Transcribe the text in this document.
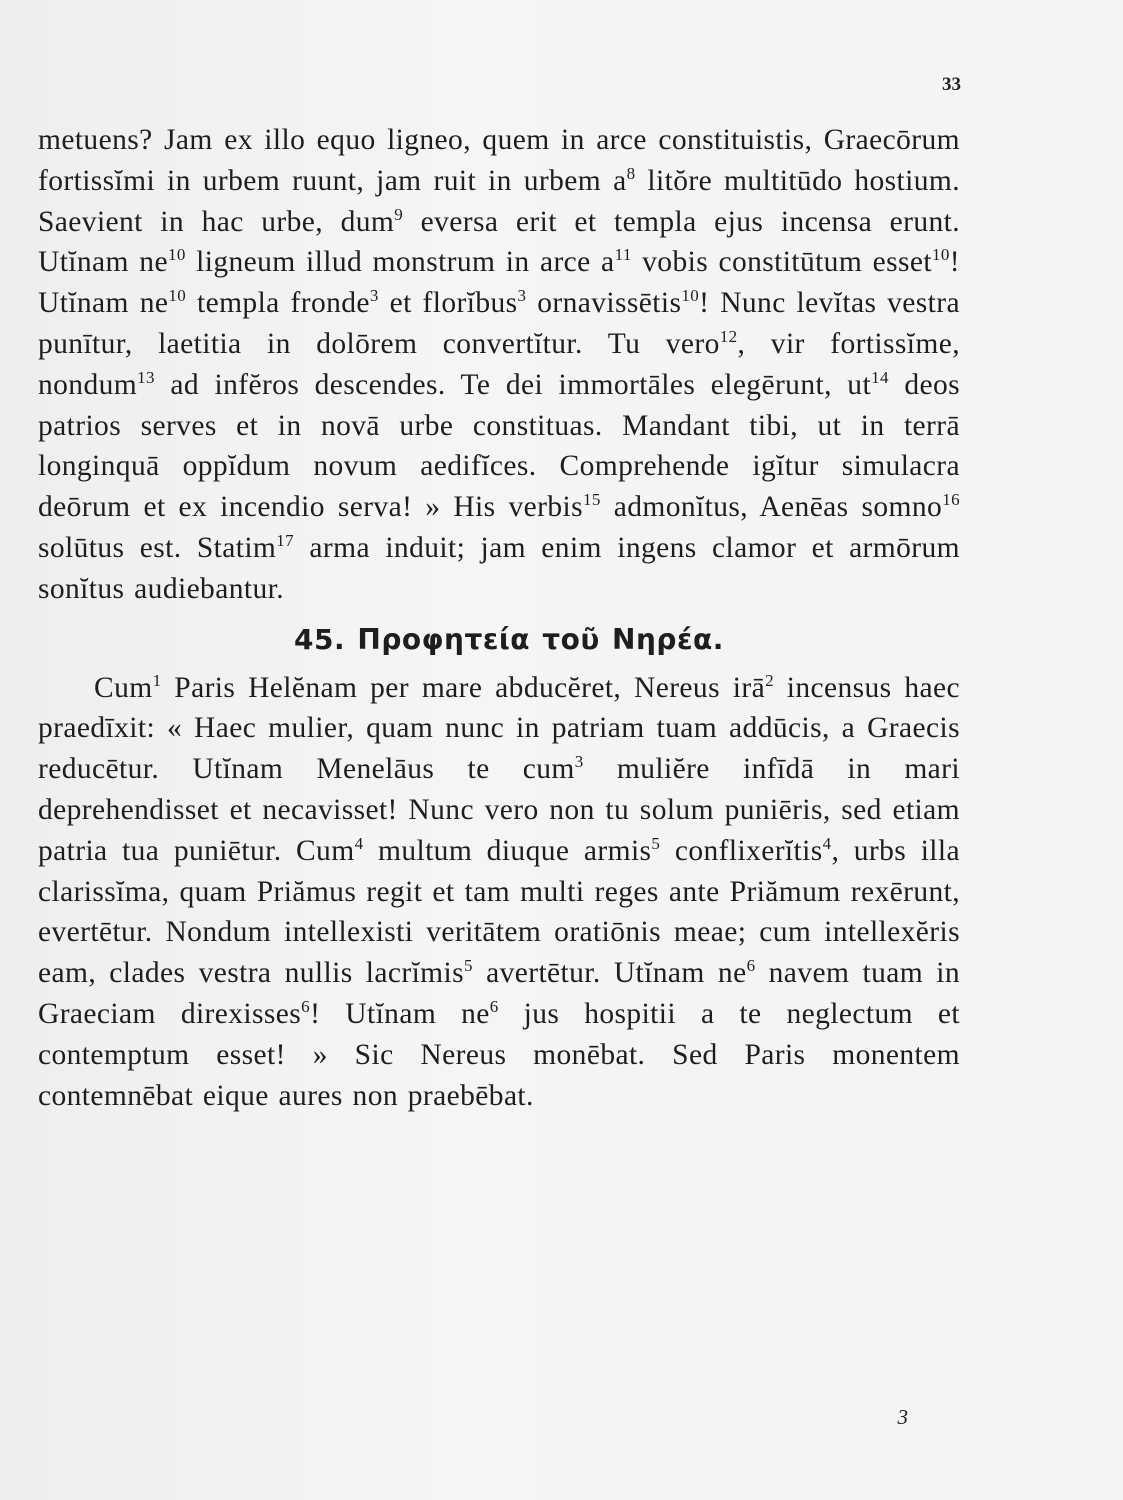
33

metuens? Jam ex illo equo ligneo, quem in arce constituistis, Graecōrum fortissĭmi in urbem ruunt, jam ruit in urbem $a^8$ litŏre multitūdo hostium. Saevient in hac urbe, dum$^9$ eversa erit et templa ejus incensa erunt. Utĭnam $ne^{10}$ ligneum illud monstrum in arce $a^{11}$ vobis constitūtum esset$^{10}$! Utĭnam $ne^{10}$ templa fronde$^3$ et florĭbus$^3$ ornavissētis$^{10}$! Nunc levĭtas vestra punītur, laetitia in dolōrem convertĭtur. Tu vero$^{12}$, vir fortissĭme, nondum$^{13}$ ad infĕros descendes. Te dei immortāles elegērunt, $ut^{14}$ deos patrios serves et in novā urbe constituas. Mandant tibi, ut in terrā longinquā oppĭdum novum aedifĭces. Comprehende igĭtur simulacra deōrum et ex incendio serva! » His verbis$^{15}$ admonĭtus, Aenēas somno$^{16}$ solūtus est. Statim$^{17}$ arma induit; jam enim ingens clamor et armōrum sonĭtus audiebantur.

45. Προφητεία τοῦ Νηρέα.

Cum$^1$ Paris Helĕnam per mare abducĕret, Nereus irā$^2$ incensus haec praedīxit: « Haec mulier, quam nunc in patriam tuam addūcis, a Graecis reducētur. Utĭnam Menelāus te cum$^3$ muliĕre infīdā in mari deprehendisset et necavisset! Nunc vero non tu solum puniēris, sed etiam patria tua puniētur. Cum$^4$ multum diuque armis$^5$ conflixerĭtis$^4$, urbs illa clarissĭma, quam Priămus regit et tam multi reges ante Priămum rexērunt, evertētur. Nondum intellexisti veritātem oratiōnis meae; cum intellexĕris eam, clades vestra nullis lacrĭmis$^5$ avertētur. Utĭnam $ne^6$ navem tuam in Graeciam direxisses$^6$! Utĭnam $ne^6$ jus hospitii a te neglectum et contemptum esset! » Sic Nereus monēbat. Sed Paris monentem contemnēbat eique aures non praebēbat.

3
